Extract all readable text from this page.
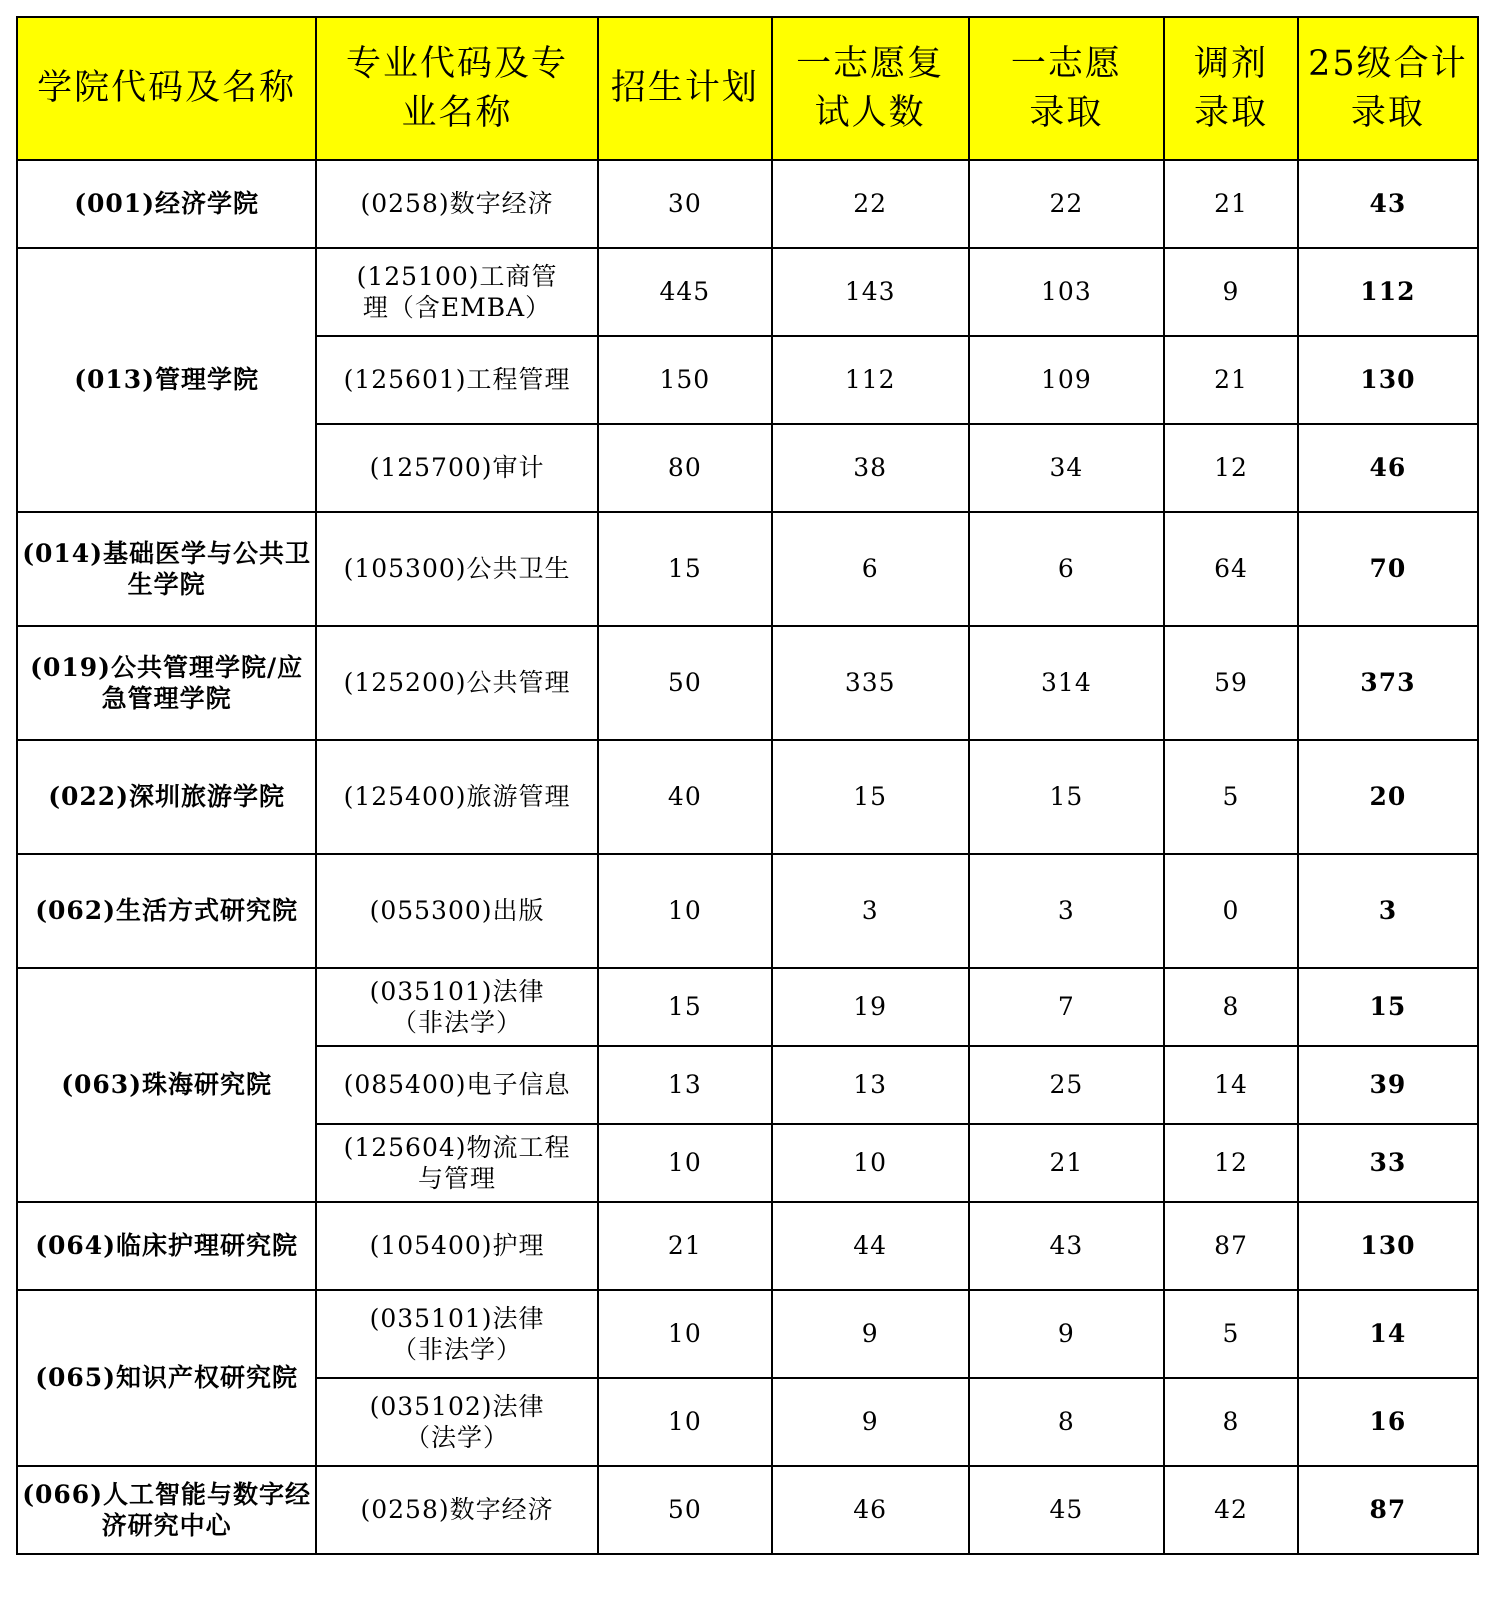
学院代码及名称	专业代码及专业名称	招生计划	一志愿复试人数	一志愿录取	调剂录取	25级合计录取
(001)经济学院	(0258)数字经济	30	22	22	21	43
(013)管理学院	(125100)工商管理（含EMBA）	445	143	103	9	112
	(125601)工程管理	150	112	109	21	130
	(125700)审计	80	38	34	12	46
(014)基础医学与公共卫生学院	(105300)公共卫生	15	6	6	64	70
(019)公共管理学院/应急管理学院	(125200)公共管理	50	335	314	59	373
(022)深圳旅游学院	(125400)旅游管理	40	15	15	5	20
(062)生活方式研究院	(055300)出版	10	3	3	0	3
(063)珠海研究院	(035101)法律（非法学）	15	19	7	8	15
	(085400)电子信息	13	13	25	14	39
	(125604)物流工程与管理	10	10	21	12	33
(064)临床护理研究院	(105400)护理	21	44	43	87	130
(065)知识产权研究院	(035101)法律（非法学）	10	9	9	5	14
	(035102)法律（法学）	10	9	8	8	16
(066)人工智能与数字经济研究中心	(0258)数字经济	50	46	45	42	87
